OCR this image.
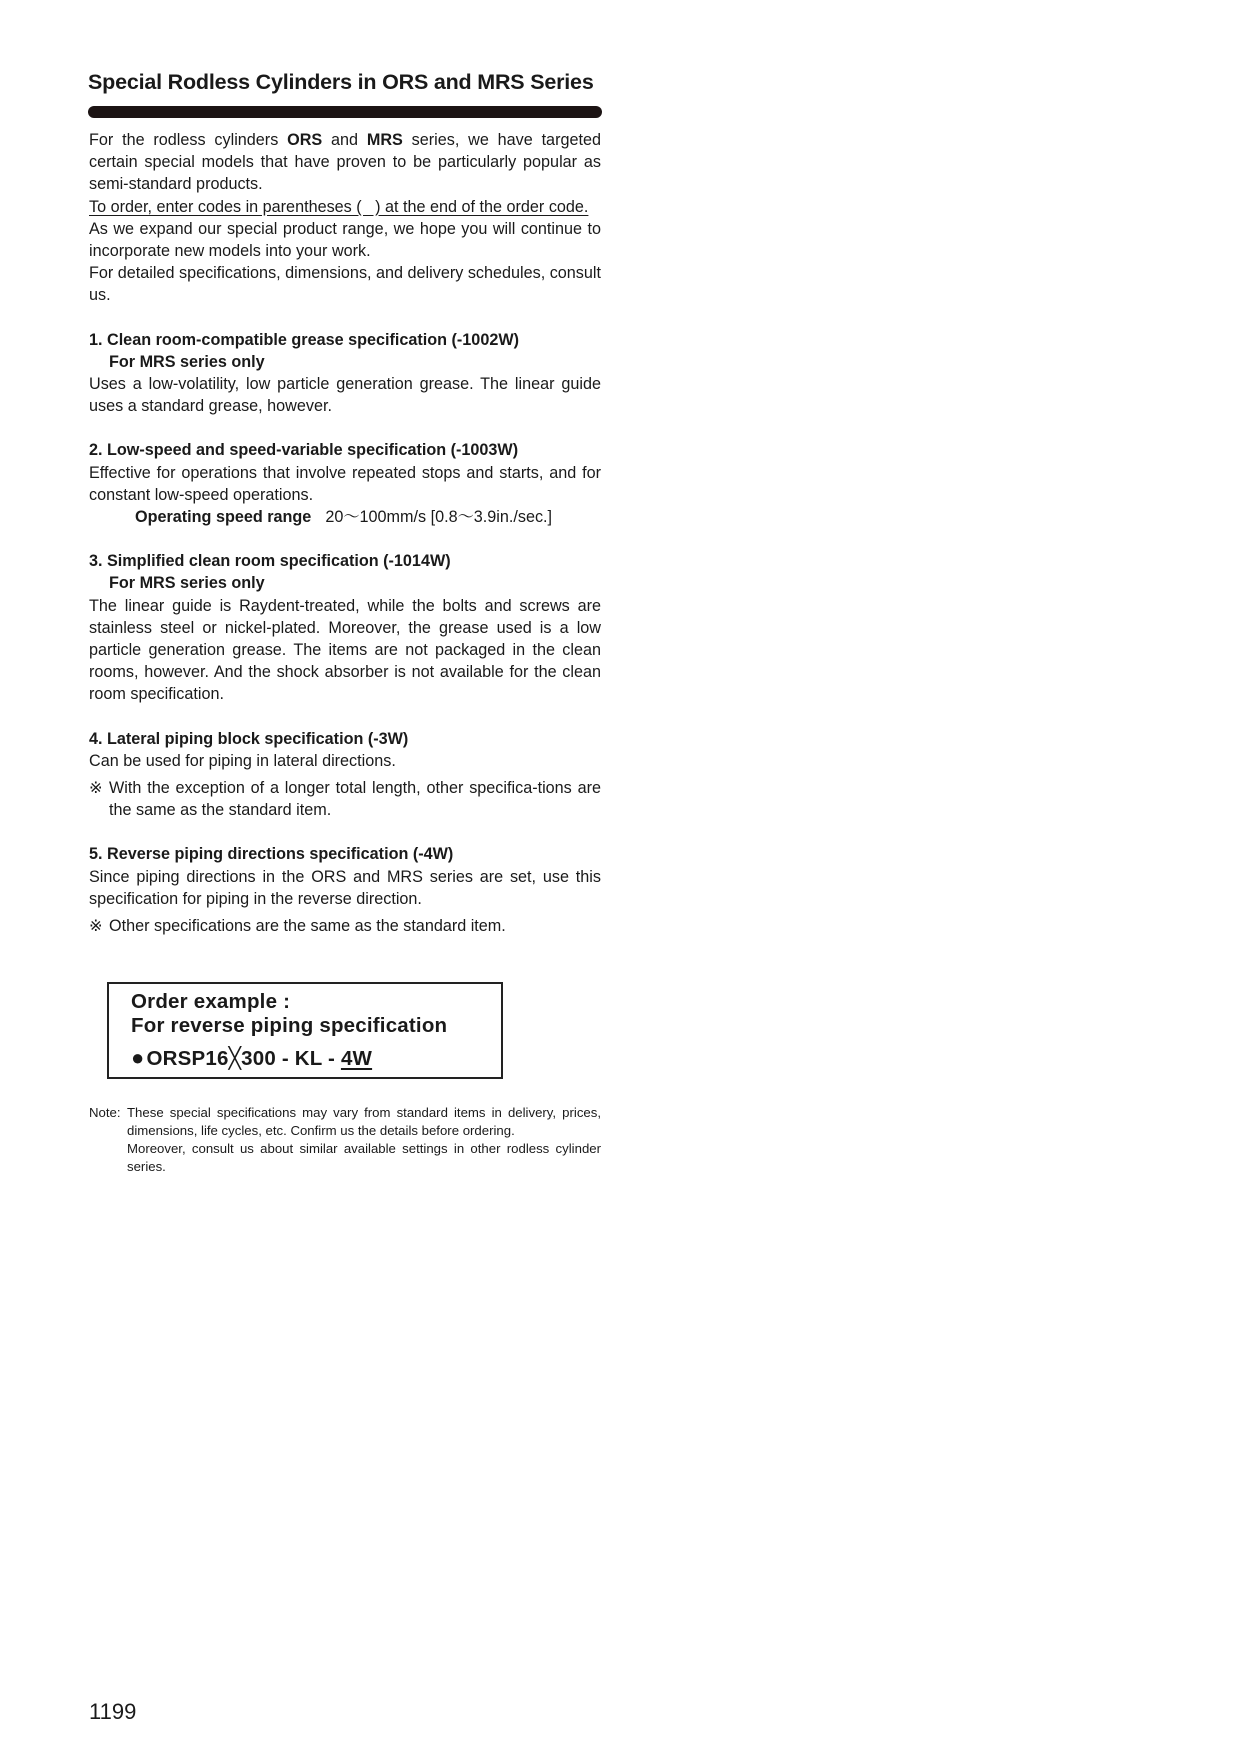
Special Rodless Cylinders in ORS and MRS Series

For the rodless cylinders ORS and MRS series, we have targeted certain special models that have proven to be particularly popular as semi-standard products.

To order, enter codes in parentheses (   ) at the end of the order code.

As we expand our special product range, we hope you will continue to incorporate new models into your work.

For detailed specifications, dimensions, and delivery schedules, consult us.

1. Clean room-compatible grease specification (-1002W)
For MRS series only

Uses a low-volatility, low particle generation grease. The linear guide uses a standard grease, however.

2. Low-speed and speed-variable specification (-1003W)

Effective for operations that involve repeated stops and starts, and for constant low-speed operations.

Operating speed range 20～100mm/s [0.8～3.9in./sec.]
3. Simplified clean room specification (-1014W)
For MRS series only

The linear guide is Raydent-treated, while the bolts and screws are stainless steel or nickel-plated. Moreover, the grease used is a low particle generation grease. The items are not packaged in the clean rooms, however. And the shock absorber is not available for the clean room specification.

4. Lateral piping block specification (-3W)

Can be used for piping in lateral directions.

※ With the exception of a longer total length, other specifica-tions are the same as the standard item.
5. Reverse piping directions specification (-4W)

Since piping directions in the ORS and MRS series are set, use this specification for piping in the reverse direction.

※ Other specifications are the same as the standard item.
Order example :
For reverse piping specification
●ORSP16╳300 - KL - 4W
Note: These special specifications may vary from standard items in delivery, prices, dimensions, life cycles, etc. Confirm us the details before ordering.

Moreover, consult us about similar available settings in other rodless cylinder series.

1199
